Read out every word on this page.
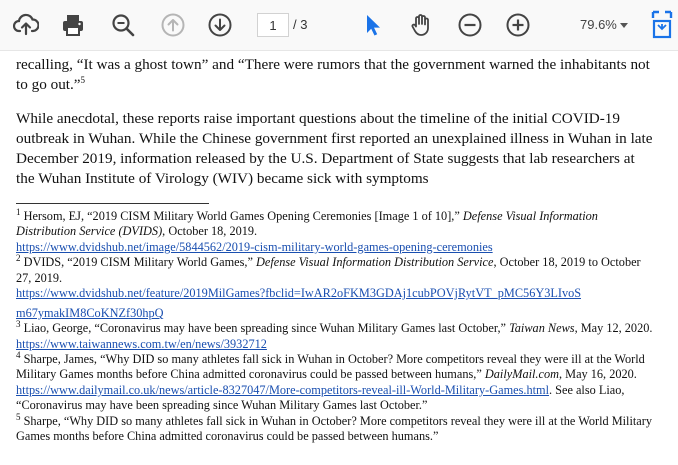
1
/ 3	79.6%
recalling, “It was a ghost town” and “There were rumors that the government warned the inhabitants not to go out.”$^5$
While anecdotal, these reports raise important questions about the timeline of the initial COVID-19 outbreak in Wuhan. While the Chinese government first reported an unexplained illness in Wuhan in late December 2019, information released by the U.S. Department of State suggests that lab researchers at the Wuhan Institute of Virology (WIV) became sick with symptoms

$^1$ Hersom, EJ, “2019 CISM Military World Games Opening Ceremonies [Image 1 of 10],” Defense Visual Information Distribution Service (DVIDS), October 18, 2019.
https://www.dvidshub.net/image/5844562/2019-cism-military-world-games-opening-ceremonies

$^2$ DVIDS, “2019 CISM Military World Games,” Defense Visual Information Distribution Service, October 18, 2019 to October 27, 2019.
https://www.dvidshub.net/feature/2019MilGames?fbclid=IwAR2oFKM3GDAj1cubPOVjRytVT_pMC56Y3LIvoS
m67ymakIM8CoKNZf30hpQ

$^3$ Liao, George, “Coronavirus may have been spreading since Wuhan Military Games last October,” Taiwan News, May 12, 2020. https://www.taiwannews.com.tw/en/news/3932712

$^4$ Sharpe, James, “Why DID so many athletes fall sick in Wuhan in October? More competitors reveal they were ill at the World Military Games months before China admitted coronavirus could be passed between humans,” DailyMail.com, May 16, 2020.
https://www.dailymail.co.uk/news/article-8327047/More-competitors-reveal-ill-World-Military-Games.html. See also Liao, “Coronavirus may have been spreading since Wuhan Military Games last October.”

$^5$ Sharpe, “Why DID so many athletes fall sick in Wuhan in October? More competitors reveal they were ill at the World Military Games months before China admitted coronavirus could be passed between humans.”
